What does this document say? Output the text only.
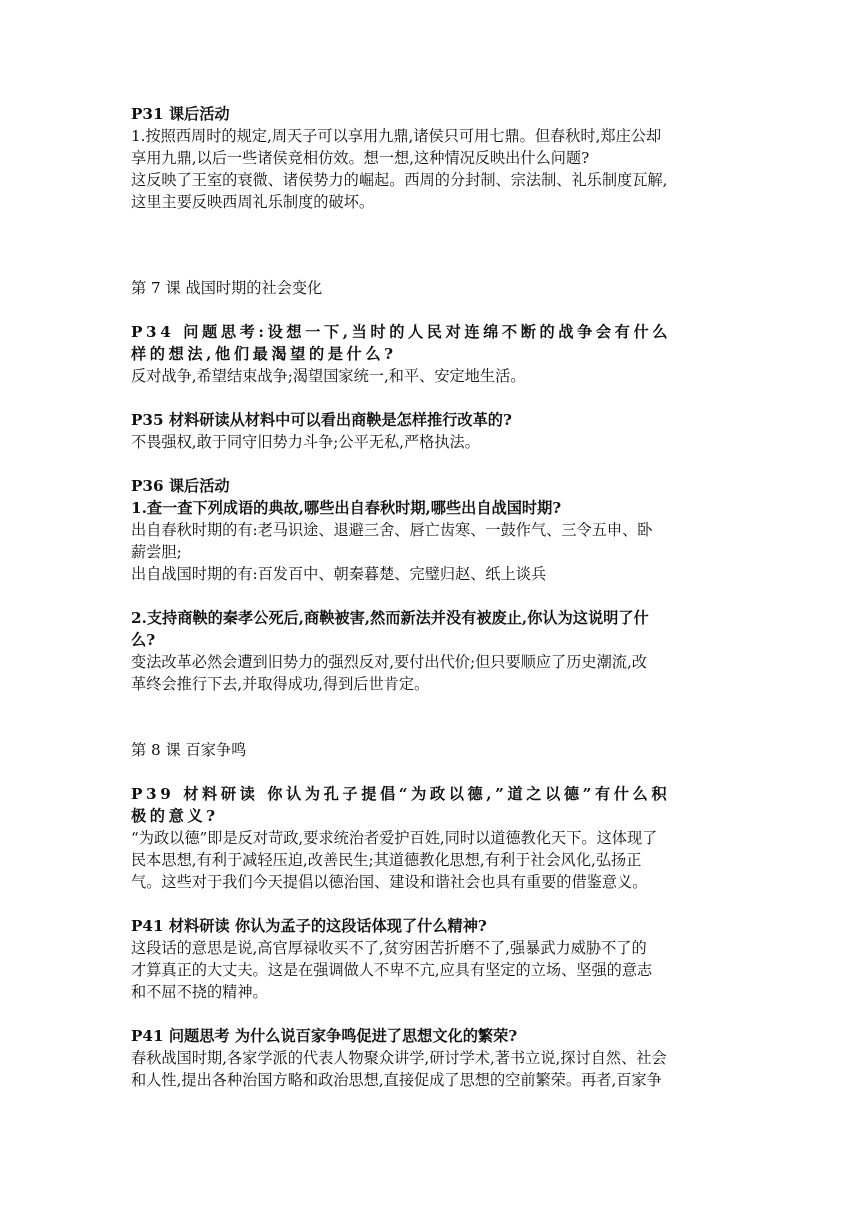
P31 课后活动

1.按照西周时的规定,周天子可以享用九鼎,诸侯只可用七鼎。但春秋时,郑庄公却

享用九鼎,以后一些诸侯竞相仿效。想一想,这种情况反映出什么问题?

这反映了王室的衰微、诸侯势力的崛起。西周的分封制、宗法制、礼乐制度瓦解,

这里主要反映西周礼乐制度的破坏。

第 7 课 战国时期的社会变化

P34 问题思考:设想一下,当时的人民对连绵不断的战争会有什么

样的想法,他们最渴望的是什么?

反对战争,希望结束战争;渴望国家统一,和平、安定地生活。

P35 材料研读从材料中可以看出商鞅是怎样推行改革的?

不畏强权,敢于同守旧势力斗争;公平无私,严格执法。

P36 课后活动

1.查一查下列成语的典故,哪些出自春秋时期,哪些出自战国时期?

出自春秋时期的有:老马识途、退避三舍、唇亡齿寒、一鼓作气、三令五申、卧

薪尝胆;

出自战国时期的有:百发百中、朝秦暮楚、完璧归赵、纸上谈兵

2.支持商鞅的秦孝公死后,商鞅被害,然而新法并没有被废止,你认为这说明了什

么?

变法改革必然会遭到旧势力的强烈反对,要付出代价;但只要顺应了历史潮流,改

革终会推行下去,并取得成功,得到后世肯定。

第 8 课 百家争鸣

P39 材料研读 你认为孔子提倡“为政以德,”道之以德”有什么积

极的意义?

“为政以德”即是反对苛政,要求统治者爱护百姓,同时以道德教化天下。这体现了

民本思想,有利于减轻压迫,改善民生;其道德教化思想,有利于社会风化,弘扬正

气。这些对于我们今天提倡以德治国、建设和谐社会也具有重要的借鉴意义。

P41 材料研读 你认为孟子的这段话体现了什么精神?

这段话的意思是说,高官厚禄收买不了,贫穷困苦折磨不了,强暴武力威胁不了的

才算真正的大丈夫。这是在强调做人不卑不亢,应具有坚定的立场、坚强的意志

和不屈不挠的精神。

P41 问题思考 为什么说百家争鸣促进了思想文化的繁荣?

春秋战国时期,各家学派的代表人物聚众讲学,研讨学术,著书立说,探讨自然、社会

和人性,提出各种治国方略和政治思想,直接促成了思想的空前繁荣。再者,百家争
